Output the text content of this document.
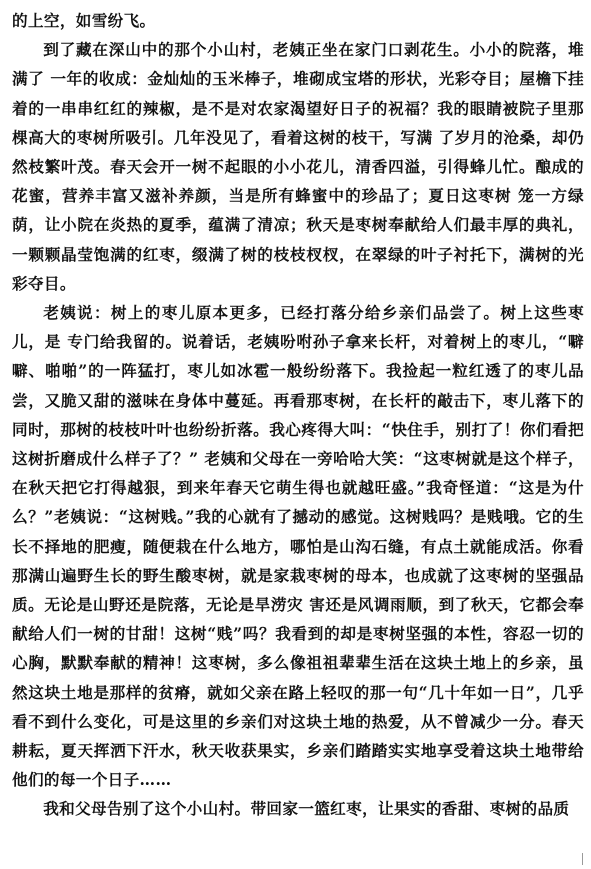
的上空，如雪纷飞。

到了藏在深山中的那个小山村，老姨正坐在家门口剥花生。小小的院落，堆满了 一年的收成：金灿灿的玉米棒子，堆砌成宝塔的形状，光彩夺目；屋檐下挂着的一串串红红的辣椒，是不是对农家渴望好日子的祝福？我的眼睛被院子里那棵高大的枣树所吸引。几年没见了，看着这树的枝干，写满 了岁月的沧桑，却仍然枝繁叶茂。春天会开一树不起眼的小小花儿，清香四溢，引得蜂儿忙。酿成的花蜜，营养丰富又滋补养颜，当是所有蜂蜜中的珍品了；夏日这枣树 笼一方绿荫，让小院在炎热的夏季，蕴满了清凉；秋天是枣树奉献给人们最丰厚的典礼，一颗颗晶莹饱满的红枣，缀满了树的枝枝杈杈，在翠绿的叶子衬托下，满树的光彩夺目。

老姨说：树上的枣儿原本更多，已经打落分给乡亲们品尝了。树上这些枣儿，是 专门给我留的。说着话，老姨吩咐孙子拿来长杆，对着树上的枣儿，“噼噼、啪啪”的一阵猛打，枣儿如冰雹一般纷纷落下。我捡起一粒红透了的枣儿品尝，又脆又甜的滋味在身体中蔓延。再看那枣树，在长杆的敲击下，枣儿落下的同时，那树的枝枝叶叶也纷纷折落。我心疼得大叫：“快住手，别打了！你们看把这树折磨成什么样子了？” 老姨和父母在一旁哈哈大笑：“这枣树就是这个样子，在秋天把它打得越狠，到来年春天它萌生得也就越旺盛。”我奇怪道：“这是为什么？”老姨说：“这树贱。”我的心就有了撼动的感觉。这树贱吗？是贱哦。它的生长不择地的肥瘦，随便栽在什么地方，哪怕是山沟石缝，有点土就能成活。你看那满山遍野生长的野生酸枣树，就是家栽枣树的母本，也成就了这枣树的坚强品质。无论是山野还是院落，无论是旱涝灾 害还是风调雨顺，到了秋天，它都会奉献给人们一树的甘甜！这树“贱”吗？我看到的却是枣树坚强的本性，容忍一切的心胸，默默奉献的精神！这枣树，多么像祖祖辈辈生活在这块土地上的乡亲，虽然这块土地是那样的贫瘠，就如父亲在路上轻叹的那一句“几十年如一日”，几乎看不到什么变化，可是这里的乡亲们对这块土地的热爱，从不曾减少一分。春天耕耘，夏天挥洒下汗水，秋天收获果实，乡亲们踏踏实实地享受着这块土地带给他们的每一个日子……

我和父母告别了这个小山村。带回家一篮红枣，让果实的香甜、枣树的品质
